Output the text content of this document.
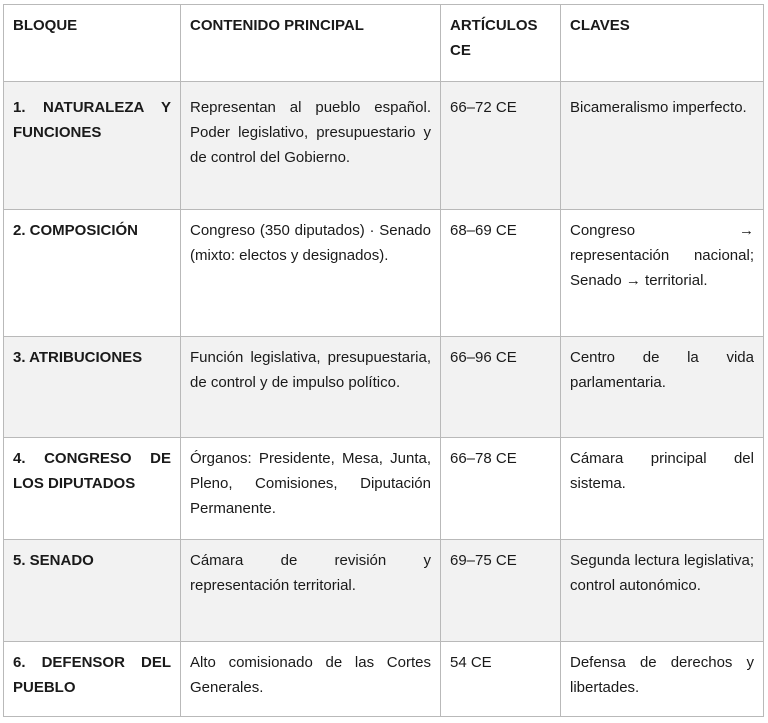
BLOQUE	CONTENIDO PRINCIPAL	ARTÍCULOS CE	CLAVES
1. NATURALEZA Y FUNCIONES	Representan al pueblo español. Poder legislativo, presupuestario y de control del Gobierno.	66–72 CE	Bicameralismo imperfecto.
2. COMPOSICIÓN	Congreso (350 diputados) · Senado (mixto: electos y designados).	68–69 CE	Congreso → representación nacional; Senado → territorial.
3. ATRIBUCIONES	Función legislativa, presupuestaria, de control y de impulso político.	66–96 CE	Centro de la vida parlamentaria.
4. CONGRESO DE LOS DIPUTADOS	Órganos: Presidente, Mesa, Junta, Pleno, Comisiones, Diputación Permanente.	66–78 CE	Cámara principal del sistema.
5. SENADO	Cámara de revisión y representación territorial.	69–75 CE	Segunda lectura legislativa; control autonómico.
6. DEFENSOR DEL PUEBLO	Alto comisionado de las Cortes Generales.	54 CE	Defensa de derechos y libertades.
